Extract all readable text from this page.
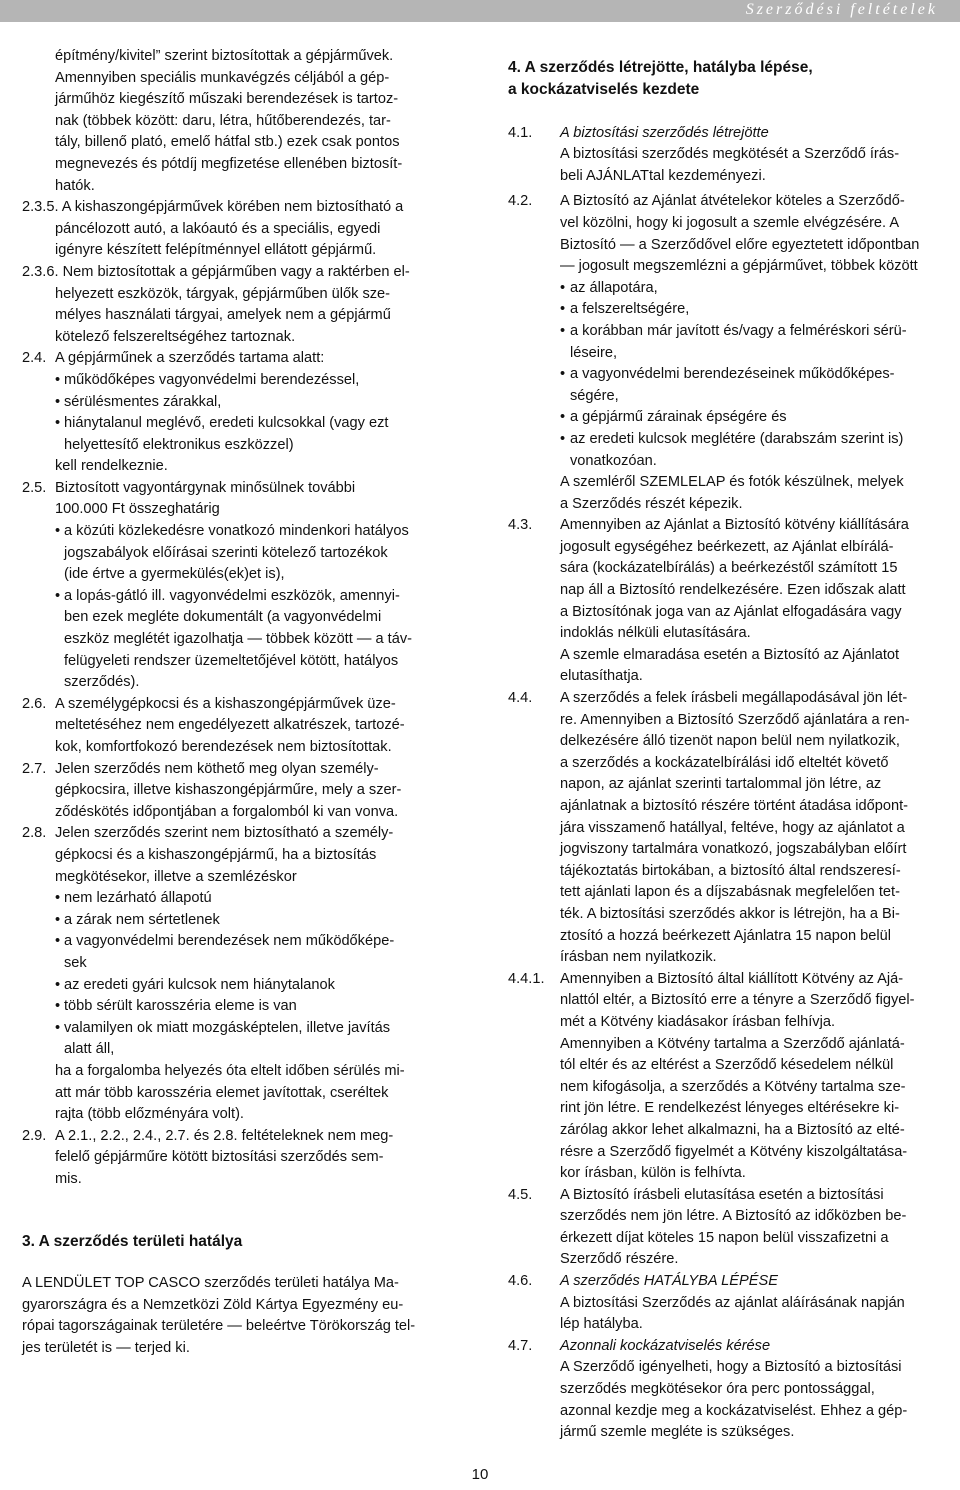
Szerződési feltételek
építmény/kivitel” szerint biztosítottak a gépjárművek.
Amennyiben speciális munkavégzés céljából a gép-
járműhöz kiegészítő műszaki berendezések is tartoz-
nak (többek között: daru, létra, hűtőberendezés, tar-
tály, billenő plató, emelő hátfal stb.) ezek csak pontos
megnevezés és pótdíj megfizetése ellenében biztosít-
hatók.
2.3.5. A kishaszongépjárművek körében nem biztosítható a
páncélozott autó, a lakóautó és a speciális, egyedi
igényre készített felépítménnyel ellátott gépjármű.
2.3.6. Nem biztosítottak a gépjárműben vagy a raktérben el-
helyezett eszközök, tárgyak, gépjárműben ülők sze-
mélyes használati tárgyai, amelyek nem a gépjármű
kötelező felszereltségéhez tartoznak.
2.4. A gépjárműnek a szerződés tartama alatt:
• működőképes vagyonvédelmi berendezéssel,
• sérülésmentes zárakkal,
• hiánytalanul meglévő, eredeti kulcsokkal (vagy ezt
helyettesítő elektronikus eszközzel)
kell rendelkeznie.
2.5. Biztosított vagyontárgynak minősülnek további
100.000 Ft összeghatárig
• a közúti közlekedésre vonatkozó mindenkori hatályos
jogszabályok előírásai szerinti kötelező tartozékok
(ide értve a gyermekülés(ek)et is),
• a lopás-gátló ill. vagyonvédelmi eszközök, amennyi-
ben ezek megléte dokumentált (a vagyonvédelmi
eszköz meglétét igazolhatja — többek között — a táv-
felügyeleti rendszer üzemeltetőjével kötött, hatályos
szerződés).
2.6. A személygépkocsi és a kishaszongépjárművek üze-
meltetéséhez nem engedélyezett alkatrészek, tartozé-
kok, komfortfokozó berendezések nem biztosítottak.
2.7. Jelen szerződés nem köthető meg olyan személy-
gépkocsira, illetve kishaszongépjárműre, mely a szer-
ződéskötés időpontjában a forgalomból ki van vonva.
2.8. Jelen szerződés szerint nem biztosítható a személy-
gépkocsi és a kishaszongépjármű, ha a biztosítás
megkötésekor, illetve a szemlézéskor
• nem lezárható állapotú
• a zárak nem sértetlenek
• a vagyonvédelmi berendezések nem működőképe-
sek
• az eredeti gyári kulcsok nem hiánytalanok
• több sérült karosszéria eleme is van
• valamilyen ok miatt mozgásképtelen, illetve javítás
alatt áll,
ha a forgalomba helyezés óta eltelt időben sérülés mi-
att már több karosszéria elemet javítottak, cseréltek
rajta (több előzményára volt).
2.9. A 2.1., 2.2., 2.4., 2.7. és 2.8. feltételeknek nem meg-
felelő gépjárműre kötött biztosítási szerződés sem-
mis.
3. A szerződés területi hatálya
A LENDÜLET TOP CASCO szerződés területi hatálya Ma-
gyarországra és a Nemzetközi Zöld Kártya Egyezmény eu-
rópai tagországainak területére — beleértve Törökország tel-
jes területét is — terjed ki.
4. A szerződés létrejötte, hatályba lépése,
a kockázatviselés kezdete
4.1. A biztosítási szerződés létrejötte
A biztosítási szerződés megkötését a Szerződő írás-
beli AJÁNLATtal kezdeményezi.
4.2. A Biztosító az Ajánlat átvételekor köteles a Szerződő-
vel közölni, hogy ki jogosult a szemle elvégzésére. A
Biztosító — a Szerződővel előre egyeztetett időpontban
— jogosult megszemlézni a gépjárművet, többek között
• az állapotára,
• a felszereltségére,
• a korábban már javított és/vagy a felméréskori sérü-
léseire,
• a vagyonvédelmi berendezéseinek működőképes-
ségére,
• a gépjármű zárainak épségére és
• az eredeti kulcsok meglétére (darabszám szerint is)
vonatkozóan.
A szemléről SZEMLELAP és fotók készülnek, melyek
a Szerződés részét képezik.
4.3. Amennyiben az Ajánlat a Biztosító kötvény kiállítására
jogosult egységéhez beérkezett, az Ajánlat elbírálá-
sára (kockázatelbírálás) a beérkezéstől számított 15
nap áll a Biztosító rendelkezésére. Ezen időszak alatt
a Biztosítónak joga van az Ajánlat elfogadására vagy
indoklás nélküli elutasítására.
A szemle elmaradása esetén a Biztosító az Ajánlatot
elutasíthatja.
4.4. A szerződés a felek írásbeli megállapodásával jön lét-
re. Amennyiben a Biztosító Szerződő ajánlatára a ren-
delkezésére álló tizenöt napon belül nem nyilatkozik,
a szerződés a kockázatelbírálási idő elteltét követő
napon, az ajánlat szerinti tartalommal jön létre, az
ajánlatnak a biztosító részére történt átadása időpont-
jára visszamenő hatállyal, feltéve, hogy az ajánlatot a
jogviszony tartalmára vonatkozó, jogszabályban előírt
tájékoztatás birtokában, a biztosító által rendszeresí-
tett ajánlati lapon és a díjszabásnak megfelelően tet-
ték. A biztosítási szerződés akkor is létrejön, ha a Bi-
ztosító a hozzá beérkezett Ajánlatra 15 napon belül
írásban nem nyilatkozik.
4.4.1. Amennyiben a Biztosító által kiállított Kötvény az Ajá-
nlattól eltér, a Biztosító erre a tényre a Szerződő figyel-
mét a Kötvény kiadásakor írásban felhívja.
Amennyiben a Kötvény tartalma a Szerződő ajánlatá-
tól eltér és az eltérést a Szerződő késedelem nélkül
nem kifogásolja, a szerződés a Kötvény tartalma sze-
rint jön létre. E rendelkezést lényeges eltérésekre ki-
zárólag akkor lehet alkalmazni, ha a Biztosító az elté-
résre a Szerződő figyelmét a Kötvény kiszolgáltatása-
kor írásban, külön is felhívta.
4.5. A Biztosító írásbeli elutasítása esetén a biztosítási
szerződés nem jön létre. A Biztosító az időközben be-
érkezett díjat köteles 15 napon belül visszafizetni a
Szerződő részére.
4.6. A szerződés HATÁLYBA LÉPÉSE
A biztosítási Szerződés az ajánlat aláírásának napján
lép hatályba.
4.7. Azonnali kockázatviselés kérése
A Szerződő igényelheti, hogy a Biztosító a biztosítási
szerződés megkötésekor óra perc pontossággal,
azonnal kezdje meg a kockázatviselést. Ehhez a gép-
jármű szemle megléte is szükséges.
10
